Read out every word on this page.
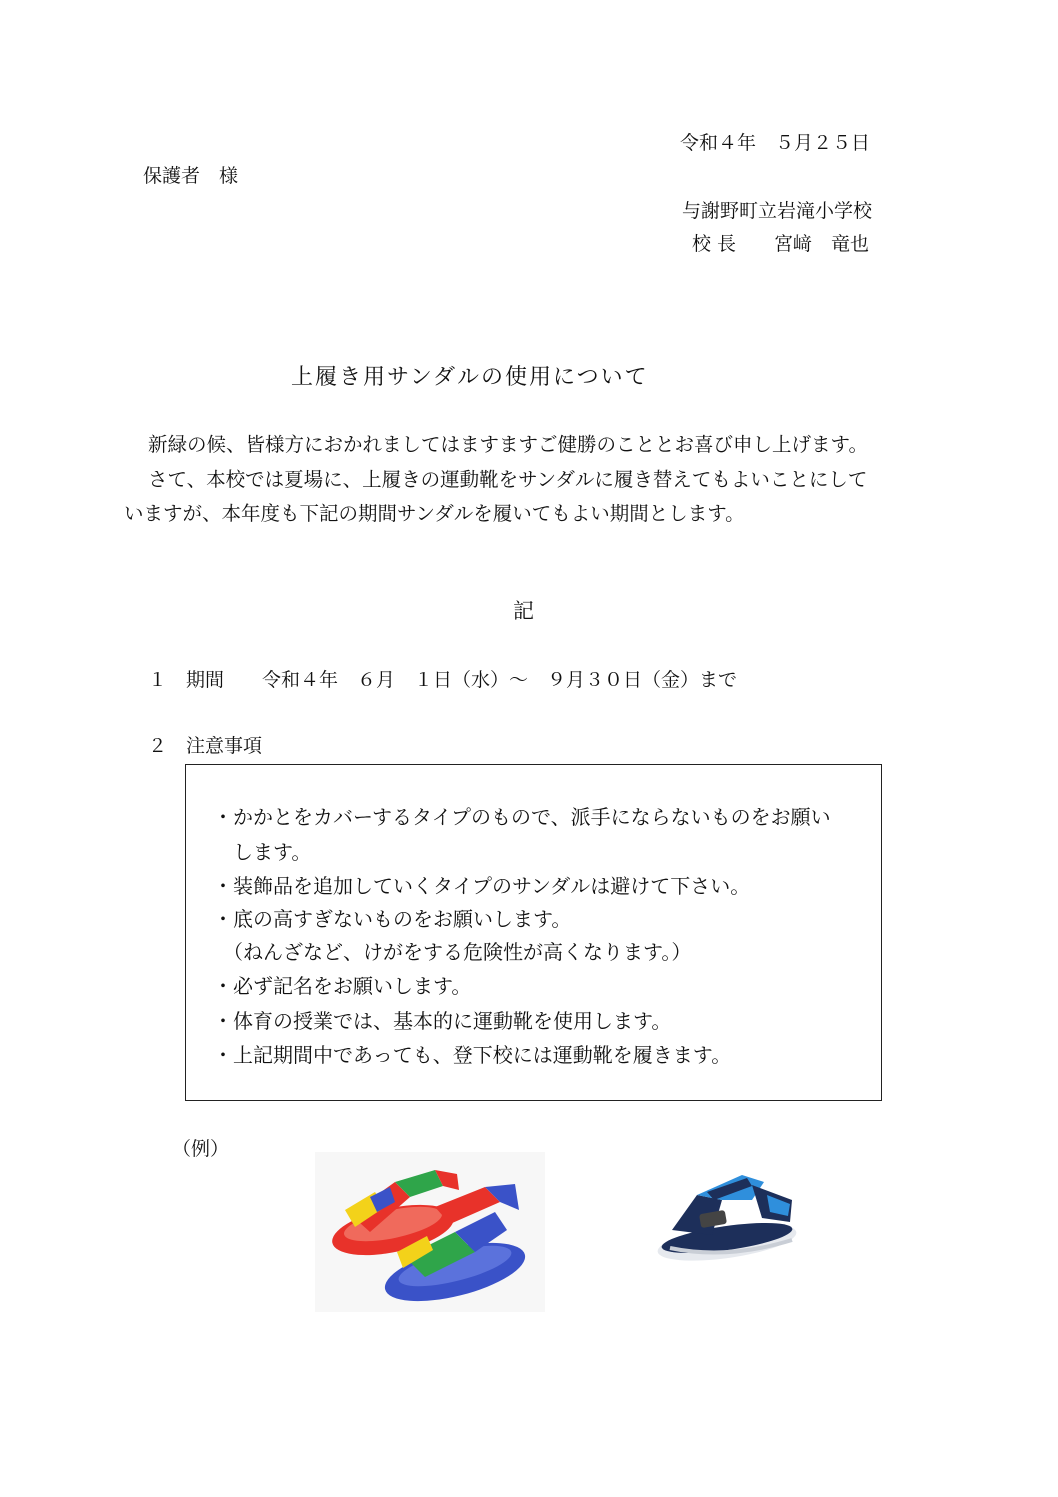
令和４年　５月２５日
保護者　様
与謝野町立岩滝小学校
校 長　　宮﨑　竜也
上履き用サンダルの使用について
新緑の候、皆様方におかれましてはますますご健勝のこととお喜び申し上げます。
さて、本校では夏場に、上履きの運動靴をサンダルに履き替えてもよいことにして
いますが、本年度も下記の期間サンダルを履いてもよい期間とします。
記
１　期間　　令和４年　６月　１日（水）～　９月３０日（金）まで
２　注意事項
・かかとをカバーするタイプのもので、派手にならないものをお願い
　します。
・装飾品を追加していくタイプのサンダルは避けて下さい。
・底の高すぎないものをお願いします。
　（ねんざなど、けがをする危険性が高くなります。）
・必ず記名をお願いします。
・体育の授業では、基本的に運動靴を使用します。
・上記期間中であっても、登下校には運動靴を履きます。
（例）
